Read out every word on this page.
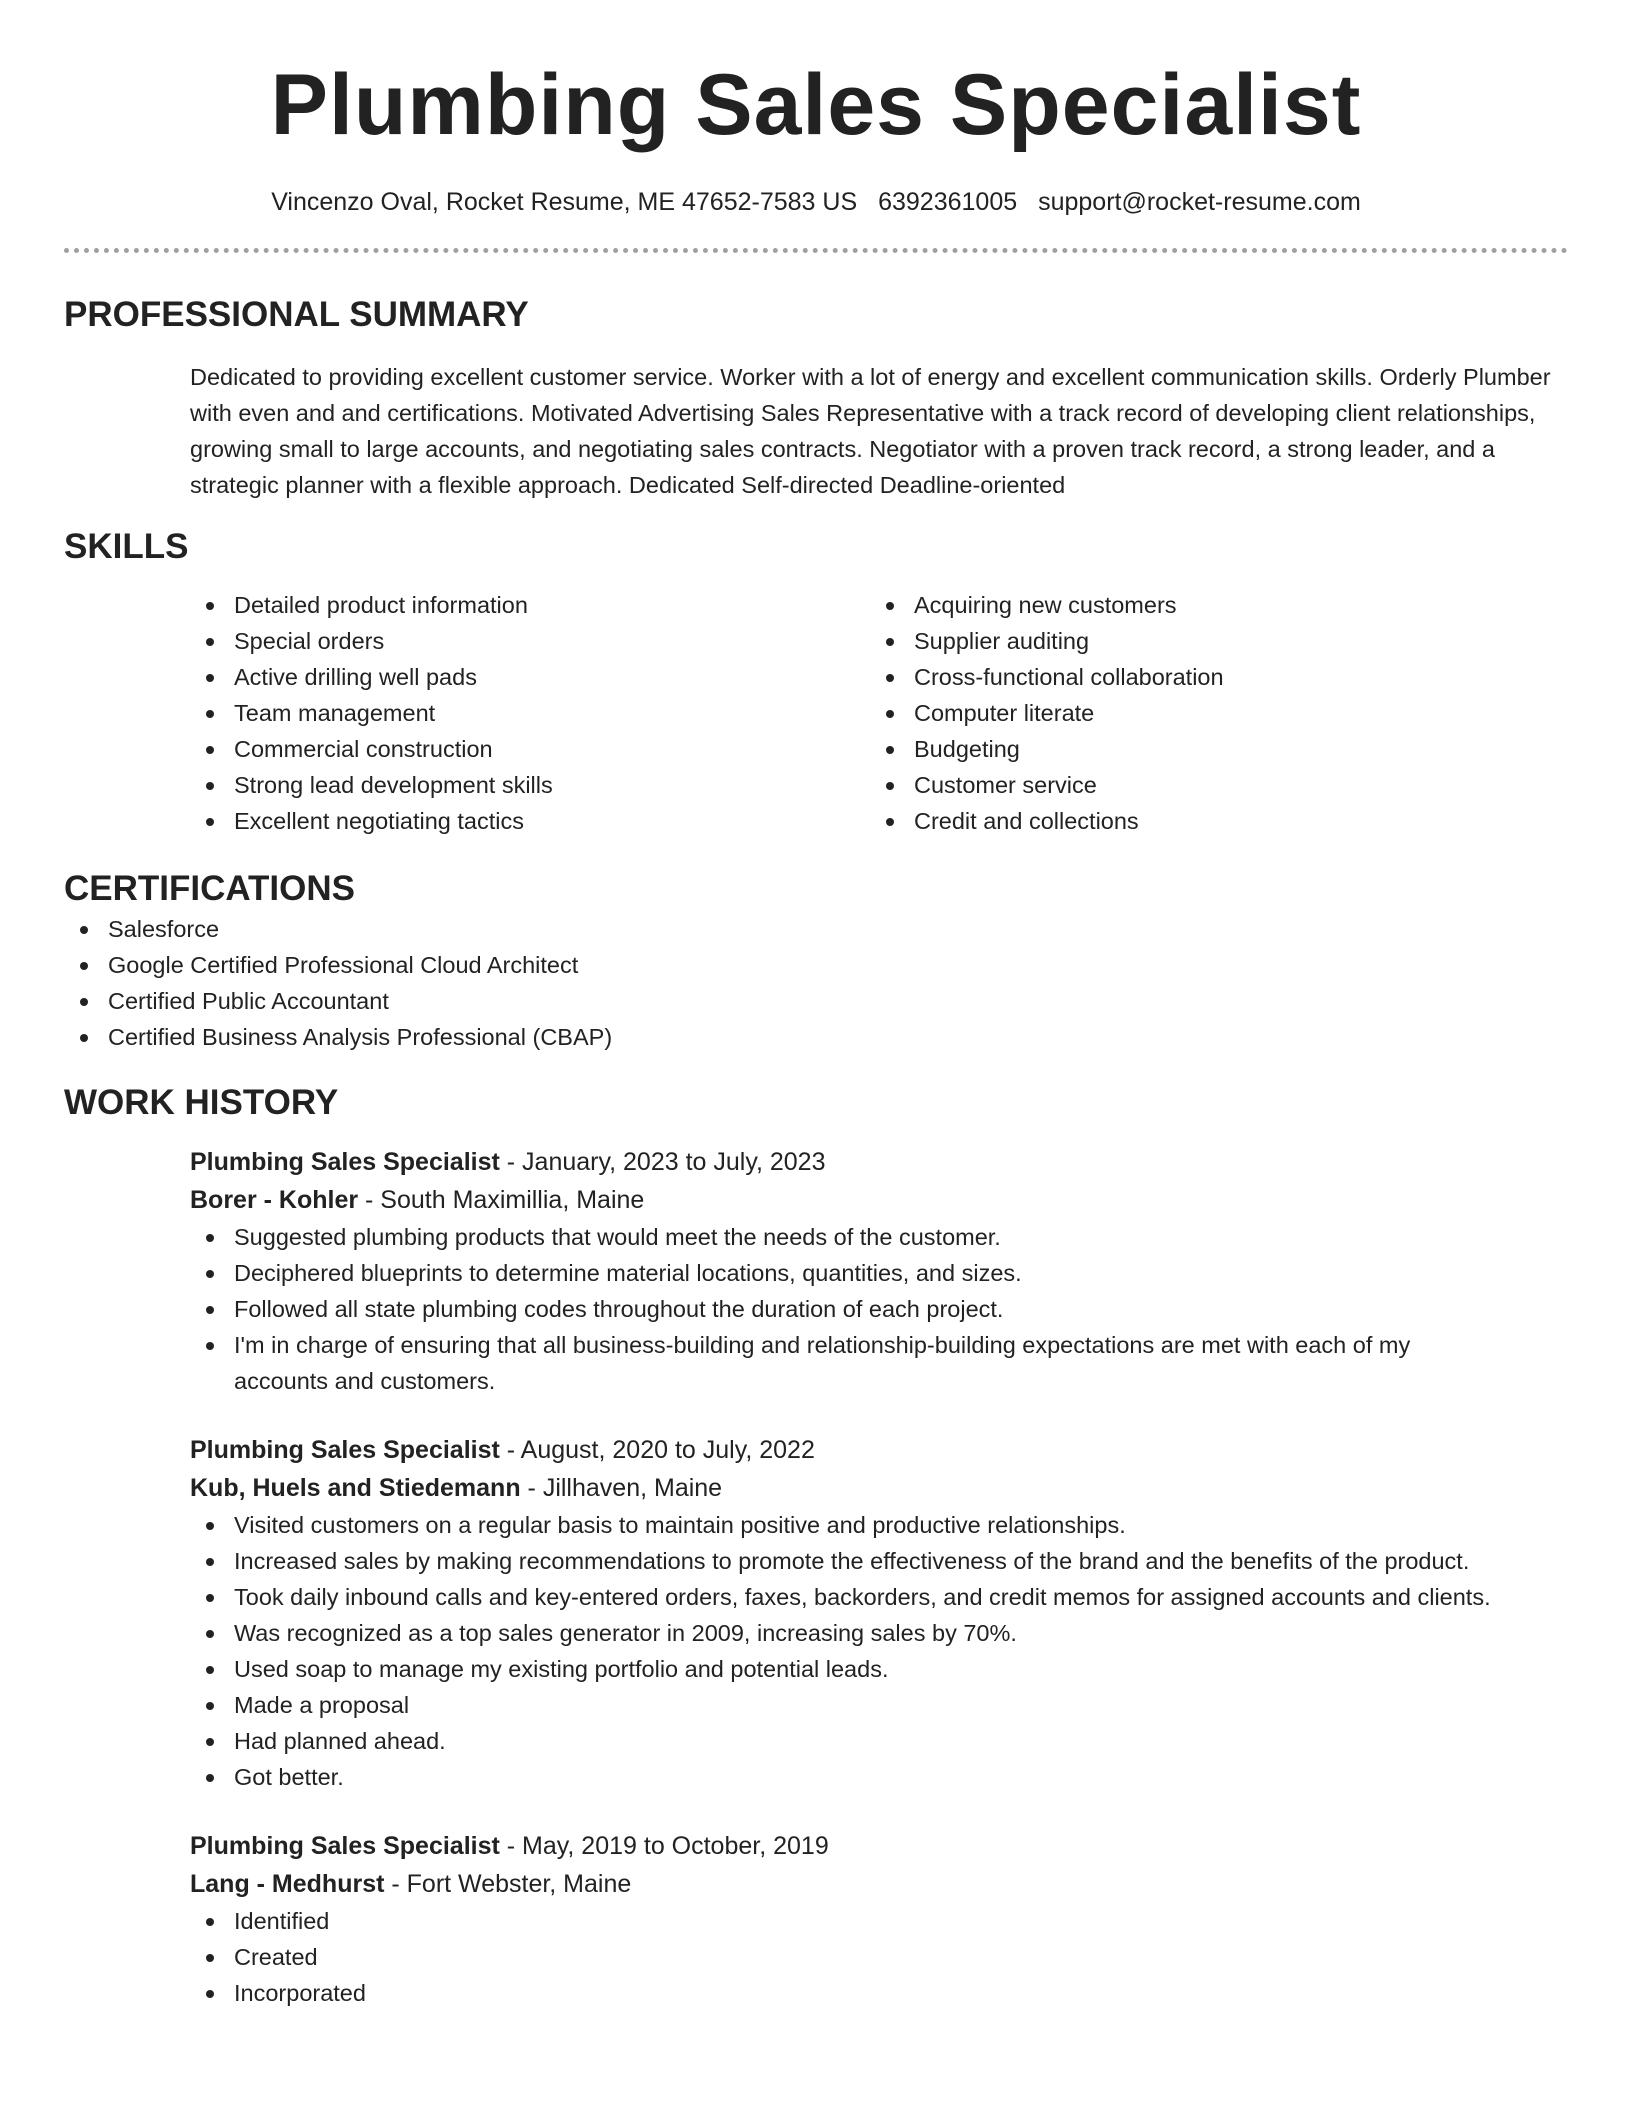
Plumbing Sales Specialist
Vincenzo Oval, Rocket Resume, ME 47652-7583 US 6392361005 support@rocket-resume.com
PROFESSIONAL SUMMARY

Dedicated to providing excellent customer service. Worker with a lot of energy and excellent communication skills. Orderly Plumber with even and and certifications. Motivated Advertising Sales Representative with a track record of developing client relationships, growing small to large accounts, and negotiating sales contracts. Negotiator with a proven track record, a strong leader, and a strategic planner with a flexible approach. Dedicated Self-directed Deadline-oriented

SKILLS
Detailed product information
Special orders
Active drilling well pads
Team management
Commercial construction
Strong lead development skills
Excellent negotiating tactics
Acquiring new customers
Supplier auditing
Cross-functional collaboration
Computer literate
Budgeting
Customer service
Credit and collections
CERTIFICATIONS
Salesforce
Google Certified Professional Cloud Architect
Certified Public Accountant
Certified Business Analysis Professional (CBAP)
WORK HISTORY
Plumbing Sales Specialist - January, 2023 to July, 2023
Borer - Kohler - South Maximillia, Maine
Suggested plumbing products that would meet the needs of the customer.
Deciphered blueprints to determine material locations, quantities, and sizes.
Followed all state plumbing codes throughout the duration of each project.
I'm in charge of ensuring that all business-building and relationship-building expectations are met with each of my accounts and customers.
Plumbing Sales Specialist - August, 2020 to July, 2022
Kub, Huels and Stiedemann - Jillhaven, Maine
Visited customers on a regular basis to maintain positive and productive relationships.
Increased sales by making recommendations to promote the effectiveness of the brand and the benefits of the product.
Took daily inbound calls and key-entered orders, faxes, backorders, and credit memos for assigned accounts and clients.
Was recognized as a top sales generator in 2009, increasing sales by 70%.
Used soap to manage my existing portfolio and potential leads.
Made a proposal
Had planned ahead.
Got better.
Plumbing Sales Specialist - May, 2019 to October, 2019
Lang - Medhurst - Fort Webster, Maine
Identified
Created
Incorporated
